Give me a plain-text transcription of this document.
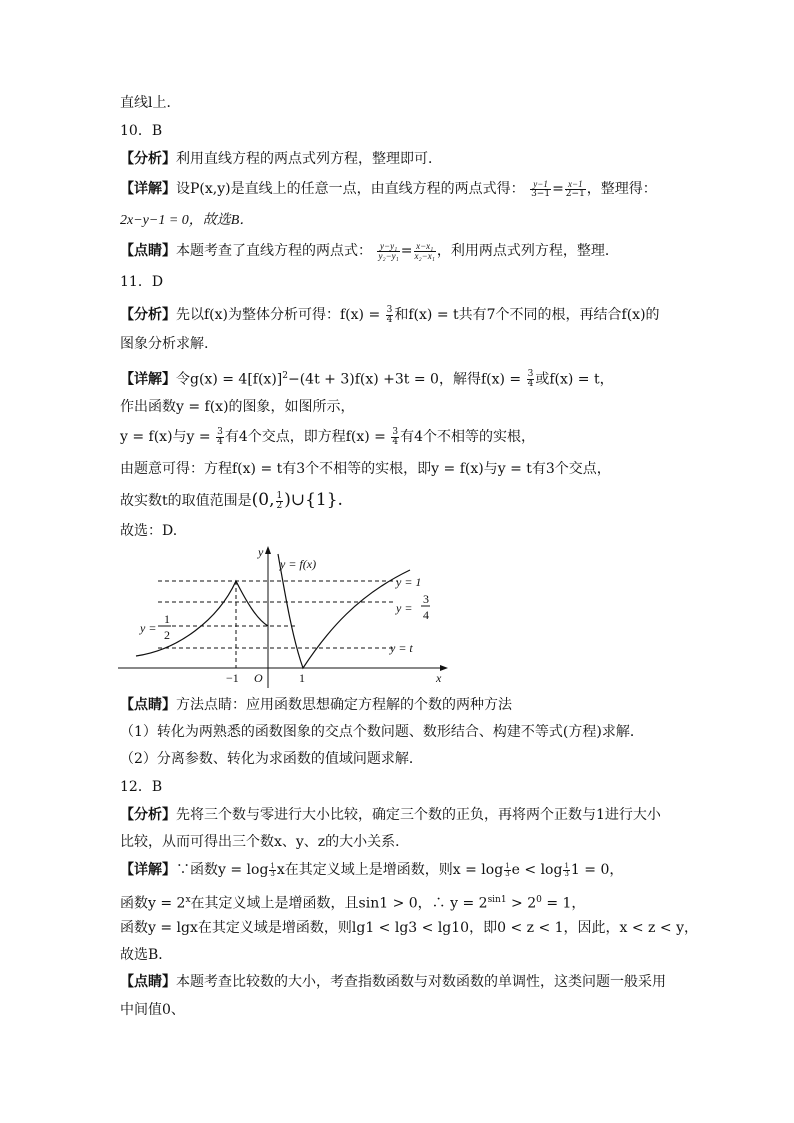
直线l上．
10．B
【分析】利用直线方程的两点式列方程，整理即可．
【详解】设P(x,y)是直线上的任意一点，由直线方程的两点式得： $\frac{y-1}{3-1} = \frac{x-1}{2-1}$ ，整理得：
2x−y−1 = 0，故选B．
【点睛】本题考查了直线方程的两点式： $\frac{\text{y−y₁}}{\text{y₂−y₁}} = \frac{\text{x−x₁}}{\text{x₂−x₁}}$ ，利用两点式列方程，整理．
11．D
【分析】先以f(x)为整体分析可得：$f(x) = \frac{3}{4}$ 和f(x) = t共有7个不同的根，再结合f(x)的
图象分析求解.
【详解】令$g(x) = 4[f(x)]^2-(4t + 3)f(x) +3t = 0$，解得$f(x) = \frac{3}{4}$ 或f(x) = t，
作出函数y = f(x)的图象，如图所示，
y = f(x)与$y = \frac{3}{4}$ 有4个交点，即方程$f(x) = \frac{3}{4}$ 有4个不相等的实根，
由题意可得：方程f(x) = t有3个不相等的实根，即y = f(x)与y = t有3个交点，
故实数t的取值范围是(0, $\frac{1}{2}$ )∪{1}.
故选：D.
y
x
y = f(x)
y = 1
y =
3
4
y = t
y =
1
2
−1 O	1
【点睛】方法点睛：应用函数思想确定方程解的个数的两种方法
（1）转化为两熟悉的函数图象的交点个数问题、数形结合、构建不等式(方程)求解．
（2）分离参数、转化为求函数的值域问题求解．
12．B
【分析】先将三个数与零进行大小比较，确定三个数的正负，再将两个正数与1进行大小
比较，从而可得出三个数x、y、z的大小关系．
【详解】∵函数$y = \log \frac{1}{3}$ x在其定义域上是增函数，则$x = \log \frac{1}{3}$ $e < \log \frac{1}{3} 1 = 0$，
函数$y = 2^x$在其定义域上是增函数，且sin1 > 0，∴ $y = 2^{sin1} > 2^0 = 1$，
函数y = lgx在其定义域是增函数，则lg1 < lg3 < lg10，即0 < z < 1，因此，x < z < y，
故选B．
【点睛】本题考查比较数的大小，考查指数函数与对数函数的单调性，这类问题一般采用
中间值0、
